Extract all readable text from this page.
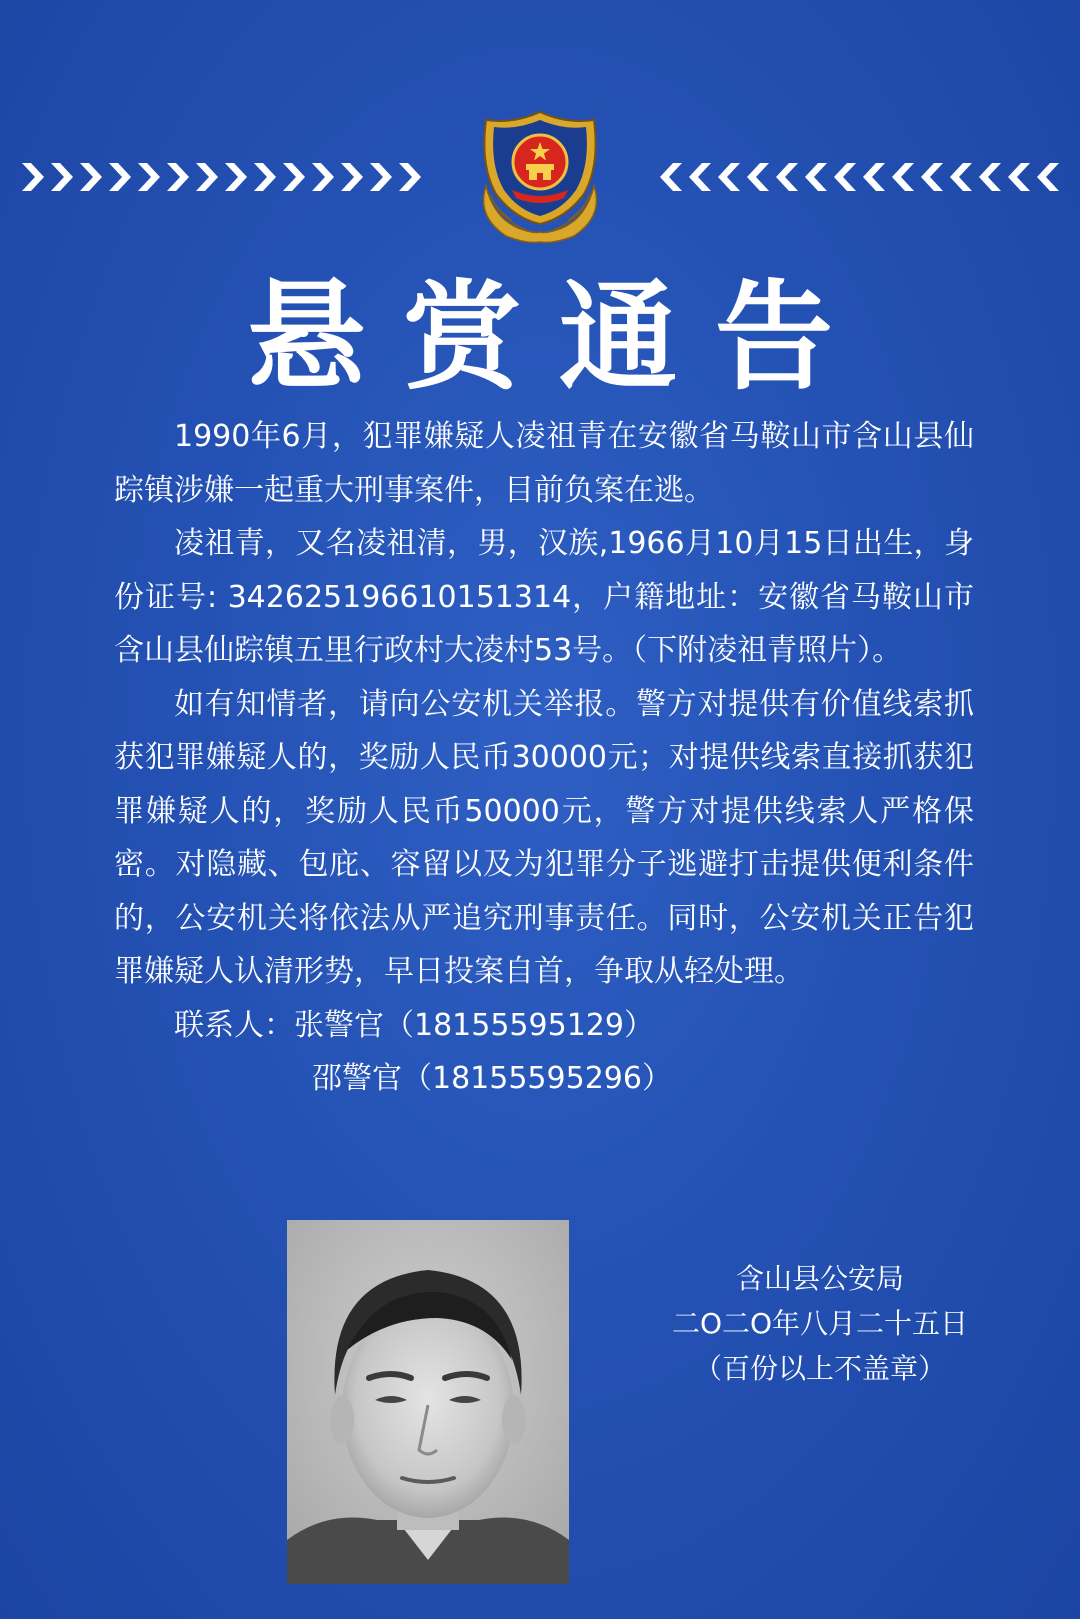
悬赏通告

1990年6月，犯罪嫌疑人凌祖青在安徽省马鞍山市含山县仙踪镇涉嫌一起重大刑事案件，目前负案在逃。

凌祖青，又名凌祖清，男，汉族,1966月10月15日出生，身份证号: 342625196610151314，户籍地址：安徽省马鞍山市含山县仙踪镇五里行政村大凌村53号。（下附凌祖青照片）。

如有知情者，请向公安机关举报。警方对提供有价值线索抓获犯罪嫌疑人的，奖励人民币30000元；对提供线索直接抓获犯罪嫌疑人的，奖励人民币50000元，警方对提供线索人严格保密。对隐藏、包庇、容留以及为犯罪分子逃避打击提供便利条件的，公安机关将依法从严追究刑事责任。同时，公安机关正告犯罪嫌疑人认清形势，早日投案自首，争取从轻处理。

联系人：张警官（18155595129）
邵警官（18155595296）
含山县公安局
二O二O年八月二十五日
（百份以上不盖章）
